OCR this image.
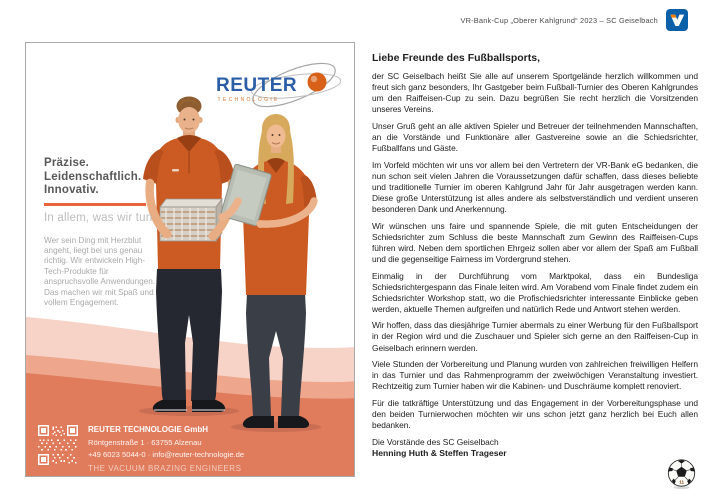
VR-Bank-Cup „Oberer Kahlgrund“ 2023 – SC Geiselbach
REUTER
TECHNOLOGIE
Präzise.
Leidenschaftlich.
Innovativ.
In allem, was wir tun
Wer sein Ding mit Herzblut angeht, liegt bei uns genau richtig. Wir entwickeln High-Tech-Produkte für anspruchsvolle Anwendungen. Das machen wir mit Spaß und vollem Engagement.
REUTER TECHNOLOGIE GmbH
Röntgenstraße 1 · 63755 Alzenau
+49 6023 5044-0 · info@reuter-technologie.de
THE VACUUM BRAZING ENGINEERS
Liebe Freunde des Fußballsports,

der SC Geiselbach heißt Sie alle auf unserem Sportgelände herzlich willkommen und freut sich ganz besonders, Ihr Gastgeber beim Fußball-Turnier des Oberen Kahlgrundes um den Raiffeisen-Cup zu sein. Dazu begrüßen Sie recht herzlich die Vorsitzenden unseres Vereins.

Unser Gruß geht an alle aktiven Spieler und Betreuer der teilnehmenden Mannschaften, an die Vorstände und Funktionäre aller Gastvereine sowie an die Schiedsrichter, Fußballfans und Gäste.

Im Vorfeld möchten wir uns vor allem bei den Vertretern der VR-Bank eG bedanken, die nun schon seit vielen Jahren die Voraussetzungen dafür schaffen, dass dieses beliebte und traditionelle Turnier im oberen Kahlgrund Jahr für Jahr ausgetragen werden kann. Diese große Unterstützung ist alles andere als selbstverständlich und verdient unseren besonderen Dank und Anerkennung.

Wir wünschen uns faire und spannende Spiele, die mit guten Entscheidungen der Schiedsrichter zum Schluss die beste Mannschaft zum Gewinn des Raiffeisen-Cups führen wird. Neben dem sportlichen Ehrgeiz sollen aber vor allem der Spaß am Fußball und die gegenseitige Fairness im Vordergrund stehen.

Einmalig in der Durchführung vom Marktpokal, dass ein Bundesliga Schiedsrichtergespann das Finale leiten wird. Am Vorabend vom Finale findet zudem ein Schiedsrichter Workshop statt, wo die Profischiedsrichter interessante Einblicke geben werden, aktuelle Themen aufgreifen und natürlich Rede und Antwort stehen werden.

Wir hoffen, dass das diesjährige Turnier abermals zu einer Werbung für den Fußballsport in der Region wird und die Zuschauer und Spieler sich gerne an den Raiffeisen-Cup in Geiselbach erinnern werden.

Viele Stunden der Vorbereitung und Planung wurden von zahlreichen freiwilligen Helfern in das Turnier und das Rahmenprogramm der zweiwöchigen Veranstaltung investiert. Rechtzeitig zum Turnier haben wir die Kabinen- und Duschräume komplett renoviert.

Für die tatkräftige Unterstützung und das Engagement in der Vorbereitungsphase und den beiden Turnierwochen möchten wir uns schon jetzt ganz herzlich bei Euch allen bedanken.

Die Vorstände des SC Geiselbach
Henning Huth & Steffen Trageser
11
